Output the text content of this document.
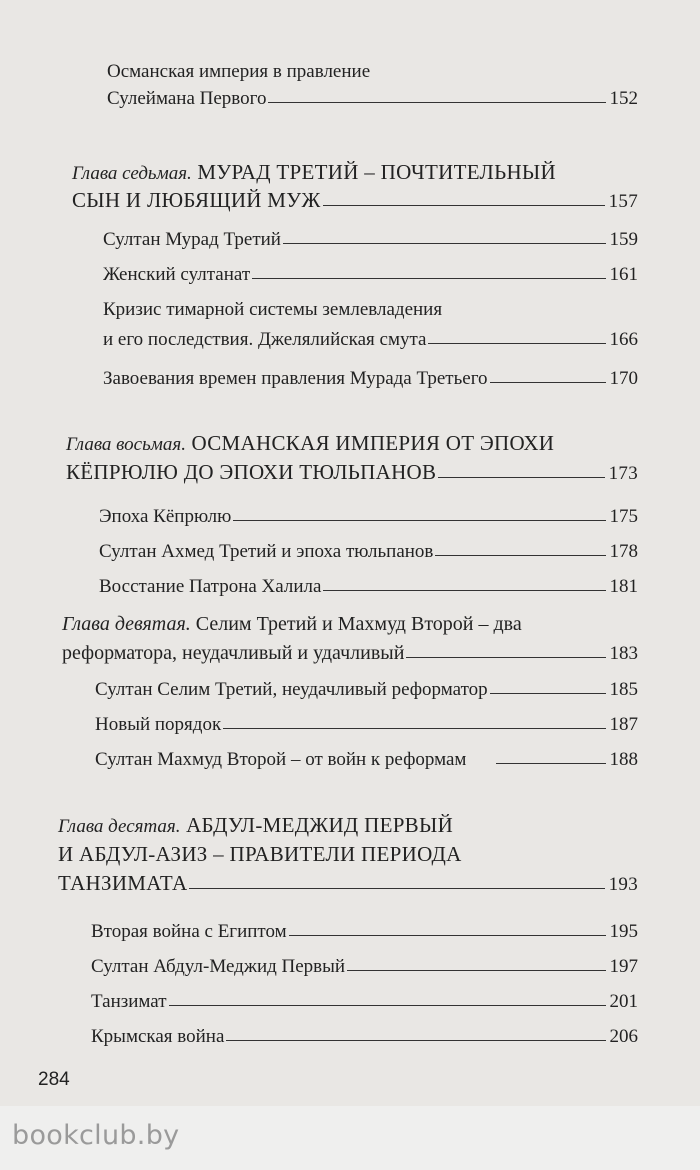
Османская империя в правление
Сулеймана Первого	152
Глава седьмая. МУРАД ТРЕТИЙ – ПОЧТИТЕЛЬНЫЙ
СЫН И ЛЮБЯЩИЙ МУЖ	157
Султан Мурад Третий	159
Женский султанат	161
Кризис тимарной системы землевладения
и его последствия. Джелялийская смута	166
Завоевания времен правления Мурада Третьего	170
Глава восьмая. ОСМАНСКАЯ ИМПЕРИЯ ОТ ЭПОХИ
КЁПРЮЛЮ ДО ЭПОХИ ТЮЛЬПАНОВ	173
Эпоха Кёпрюлю	175
Султан Ахмед Третий и эпоха тюльпанов	178
Восстание Патрона Халила	181
Глава девятая. Селим Третий и Махмуд Второй – два
реформатора, неудачливый и удачливый	183
Султан Селим Третий, неудачливый реформатор	185
Новый порядок	187
Султан Махмуд Второй – от войн к реформам	188
Глава десятая. АБДУЛ-МЕДЖИД ПЕРВЫЙ
И АБДУЛ-АЗИЗ – ПРАВИТЕЛИ ПЕРИОДА
ТАНЗИМАТА	193
Вторая война с Египтом	195
Султан Абдул-Меджид Первый	197
Танзимат	201
Крымская война	206
284
bookclub.by
